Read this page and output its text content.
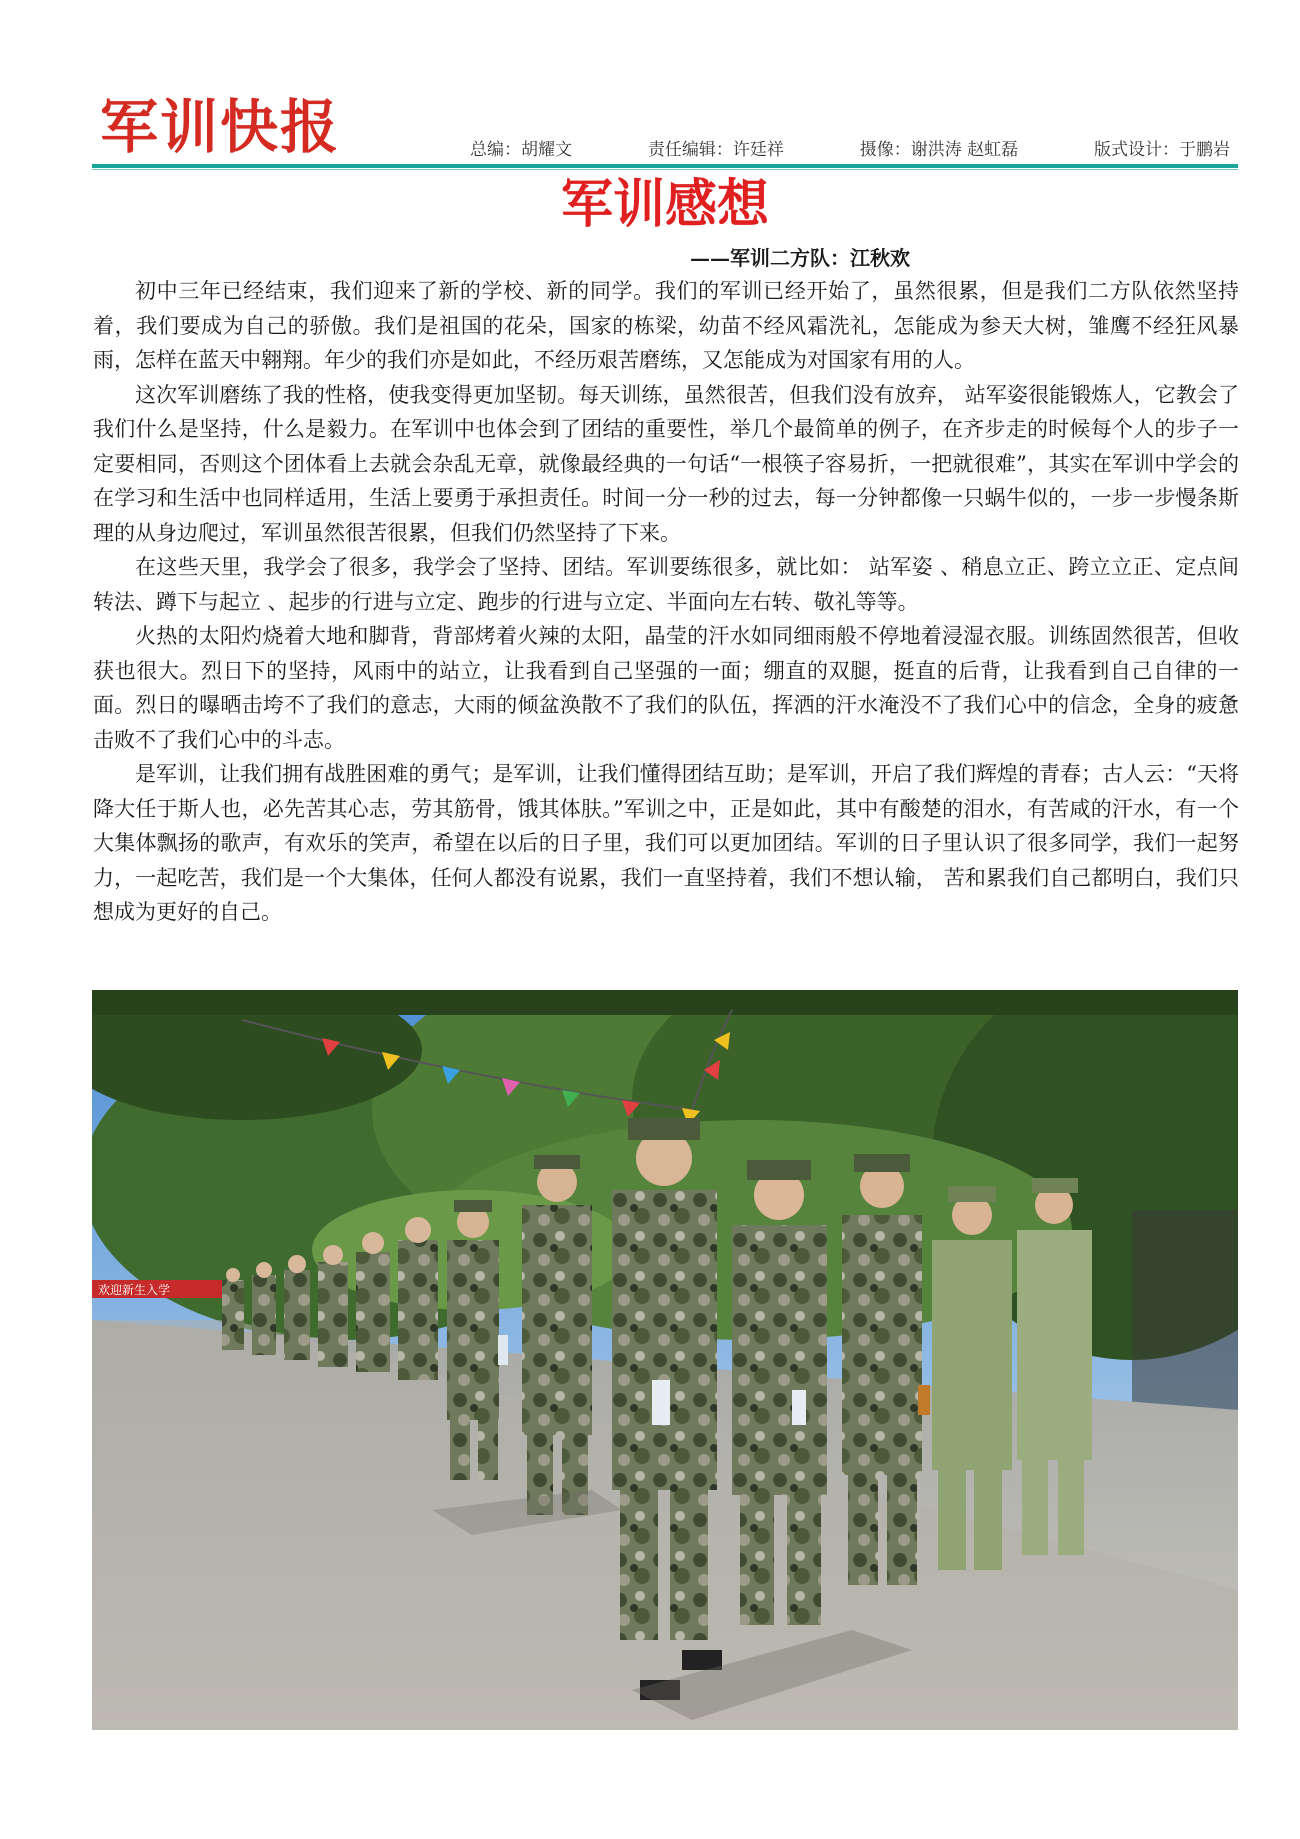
军训快报	总编：胡耀文	责任编辑：许廷祥	摄像：谢洪涛 赵虹磊	版式设计：于鹏岩
军训感想
——军训二方队：江秋欢

初中三年已经结束，我们迎来了新的学校、新的同学。我们的军训已经开始了，虽然很累，但是我们二方队依然坚持着，我们要成为自己的骄傲。我们是祖国的花朵，国家的栋梁，幼苗不经风霜洗礼，怎能成为参天大树，雏鹰不经狂风暴雨，怎样在蓝天中翱翔。年少的我们亦是如此，不经历艰苦磨练，又怎能成为对国家有用的人。

这次军训磨练了我的性格，使我变得更加坚韧。每天训练，虽然很苦，但我们没有放弃， 站军姿很能锻炼人，它教会了我们什么是坚持，什么是毅力。在军训中也体会到了团结的重要性，举几个最简单的例子，在齐步走的时候每个人的步子一定要相同，否则这个团体看上去就会杂乱无章，就像最经典的一句话“一根筷子容易折，一把就很难”，其实在军训中学会的在学习和生活中也同样适用，生活上要勇于承担责任。时间一分一秒的过去，每一分钟都像一只蜗牛似的，一步一步慢条斯理的从身边爬过，军训虽然很苦很累，但我们仍然坚持了下来。

在这些天里，我学会了很多，我学会了坚持、团结。军训要练很多，就比如： 站军姿 、稍息立正、跨立立正、定点间转法、蹲下与起立 、起步的行进与立定、跑步的行进与立定、半面向左右转、敬礼等等。

火热的太阳灼烧着大地和脚背，背部烤着火辣的太阳，晶莹的汗水如同细雨般不停地着浸湿衣服。训练固然很苦，但收获也很大。烈日下的坚持，风雨中的站立，让我看到自己坚强的一面；绷直的双腿，挺直的后背，让我看到自己自律的一面。烈日的曝晒击垮不了我们的意志，大雨的倾盆涣散不了我们的队伍，挥洒的汗水淹没不了我们心中的信念，全身的疲惫击败不了我们心中的斗志。

是军训，让我们拥有战胜困难的勇气；是军训，让我们懂得团结互助；是军训，开启了我们辉煌的青春；古人云：“天将降大任于斯人也，必先苦其心志，劳其筋骨，饿其体肤。”军训之中，正是如此，其中有酸楚的泪水，有苦咸的汗水，有一个大集体飘扬的歌声，有欢乐的笑声，希望在以后的日子里，我们可以更加团结。军训的日子里认识了很多同学，我们一起努力，一起吃苦，我们是一个大集体，任何人都没有说累，我们一直坚持着，我们不想认输， 苦和累我们自己都明白，我们只想成为更好的自己。

欢迎新生入学
